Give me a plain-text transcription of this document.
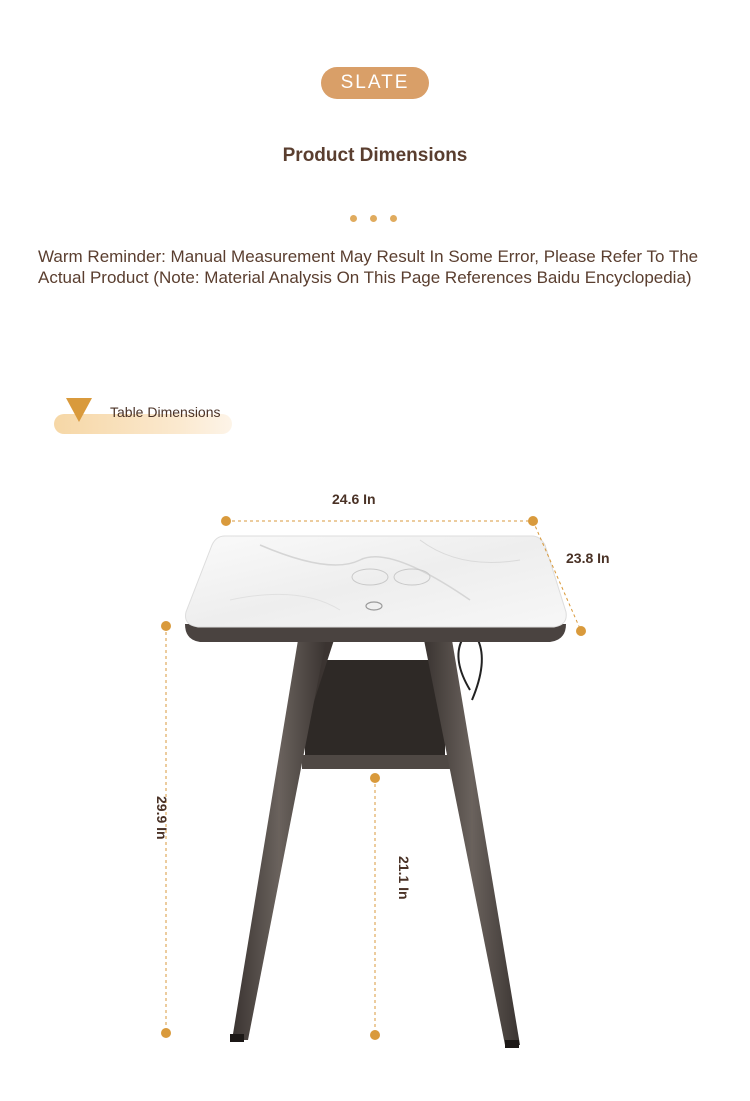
SLATE
Product Dimensions
Warm Reminder: Manual Measurement May Result In Some Error, Please Refer To The Actual Product (Note: Material Analysis On This Page References Baidu Encyclopedia)
Table Dimensions
24.6 In
23.8 In
29.9 In
21.1 In
